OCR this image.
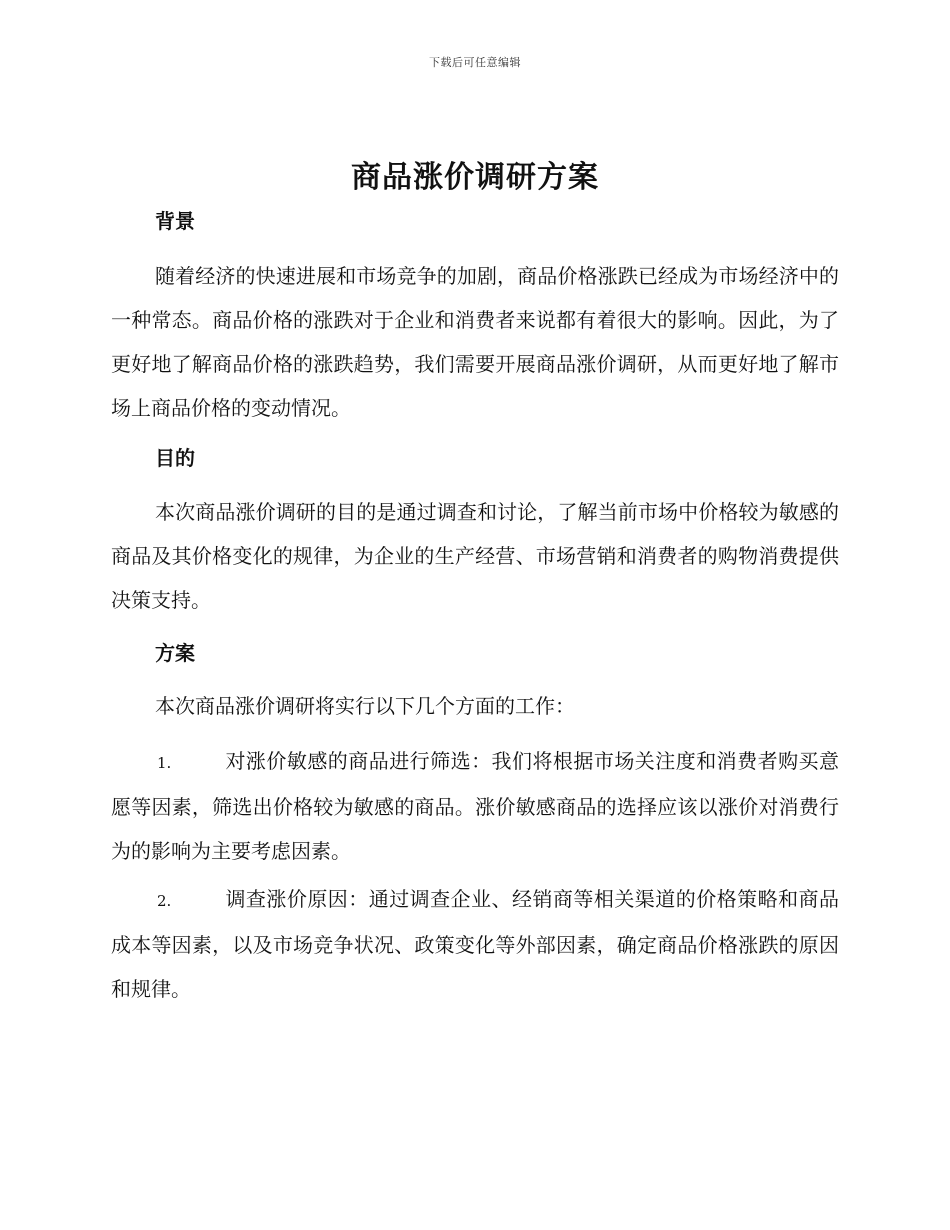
下载后可任意编辑
商品涨价调研方案
背景

随着经济的快速进展和市场竞争的加剧，商品价格涨跌已经成为市场经济中的一种常态。商品价格的涨跌对于企业和消费者来说都有着很大的影响。因此，为了更好地了解商品价格的涨跌趋势，我们需要开展商品涨价调研，从而更好地了解市场上商品价格的变动情况。

目的

本次商品涨价调研的目的是通过调查和讨论，了解当前市场中价格较为敏感的商品及其价格变化的规律，为企业的生产经营、市场营销和消费者的购物消费提供决策支持。

方案

本次商品涨价调研将实行以下几个方面的工作：

1.	对涨价敏感的商品进行筛选：我们将根据市场关注度和消费者购买意愿等因素，筛选出价格较为敏感的商品。涨价敏感商品的选择应该以涨价对消费行为的影响为主要考虑因素。

2.	调查涨价原因：通过调查企业、经销商等相关渠道的价格策略和商品成本等因素，以及市场竞争状况、政策变化等外部因素，确定商品价格涨跌的原因和规律。
